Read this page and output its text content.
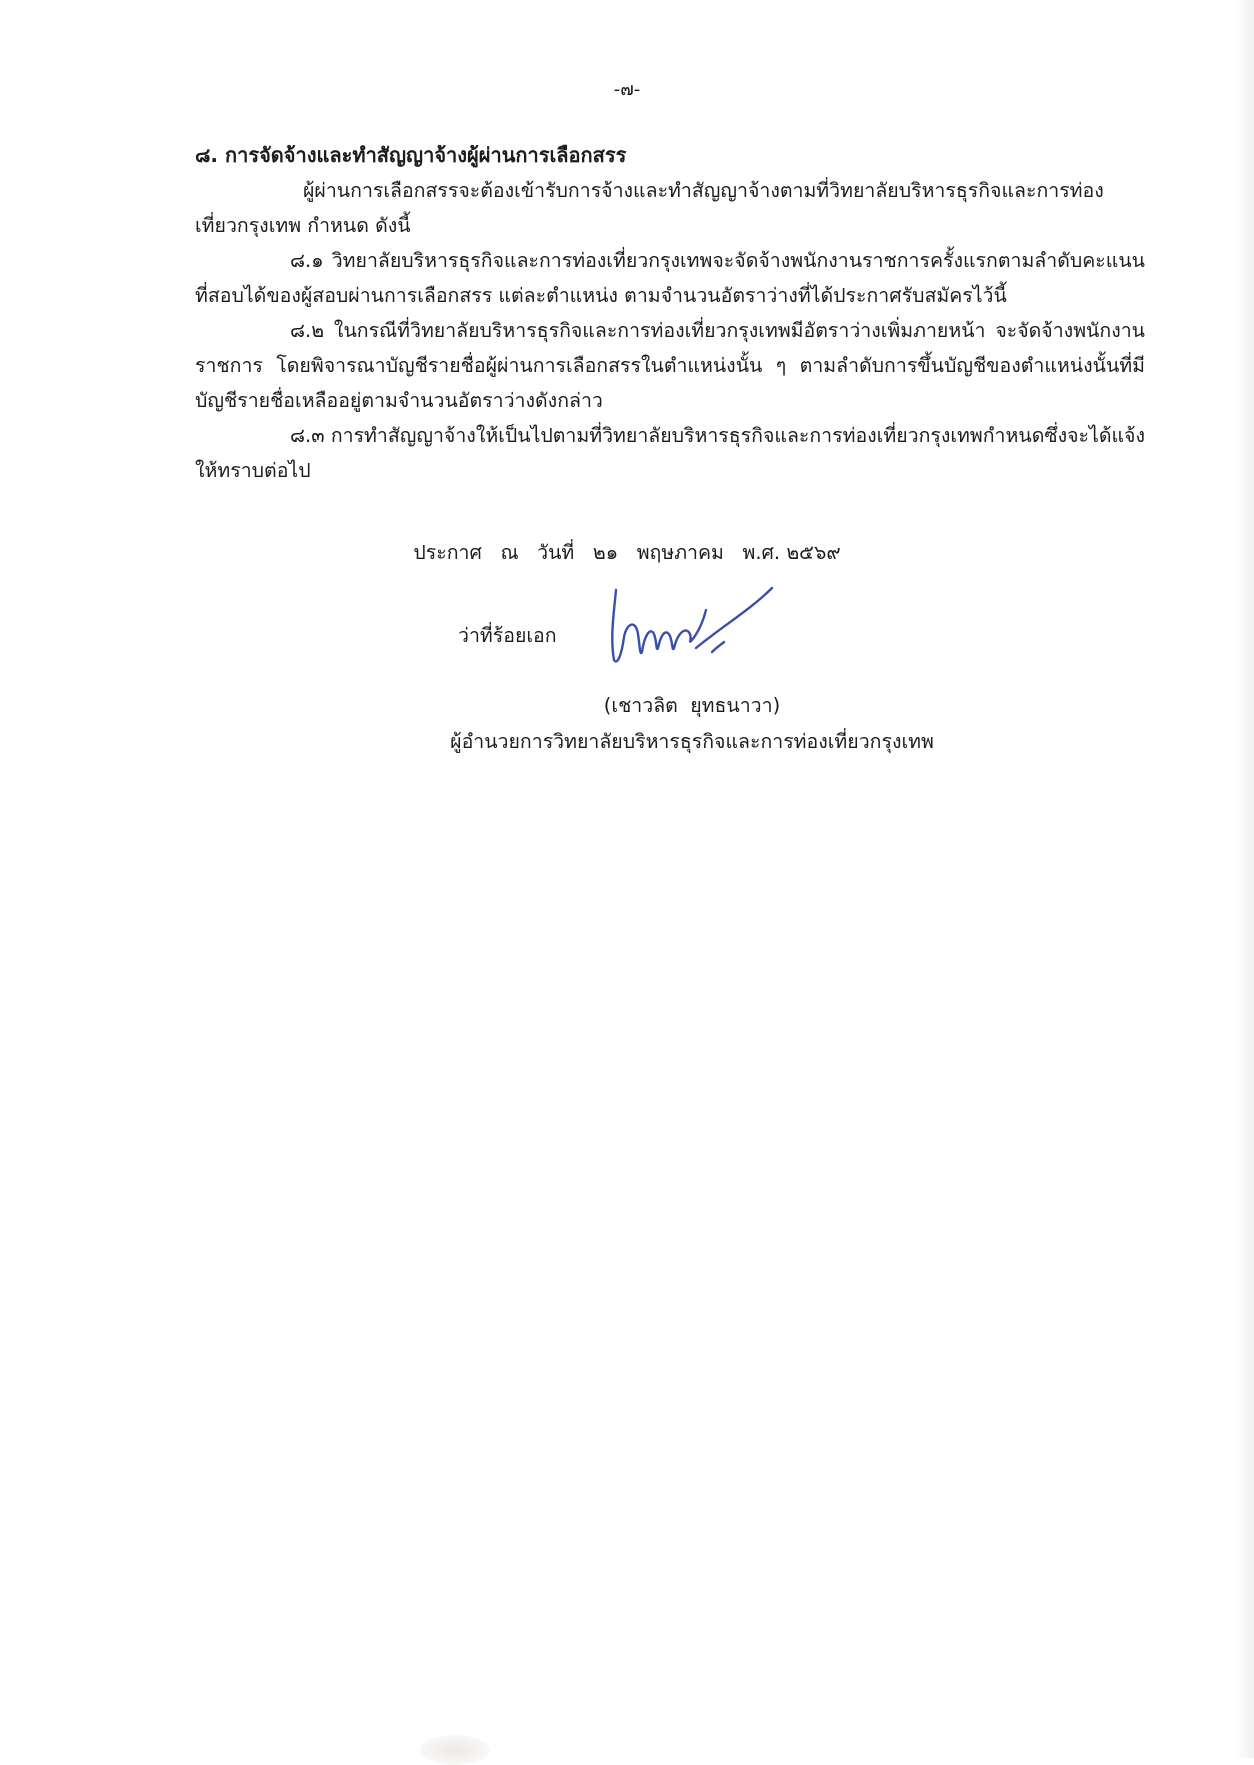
-๗-

๘. การจัดจ้างและทำสัญญาจ้างผู้ผ่านการเลือกสรร

ผู้ผ่านการเลือกสรรจะต้องเข้ารับการจ้างและทำสัญญาจ้างตามที่วิทยาลัยบริหารธุรกิจและการท่องเที่ยวกรุงเทพ กำหนด ดังนี้

๘.๑ วิทยาลัยบริหารธุรกิจและการท่องเที่ยวกรุงเทพจะจัดจ้างพนักงานราชการครั้งแรกตามลำดับคะแนนที่สอบได้ของผู้สอบผ่านการเลือกสรร แต่ละตำแหน่ง ตามจำนวนอัตราว่างที่ได้ประกาศรับสมัครไว้นี้

๘.๒ ในกรณีที่วิทยาลัยบริหารธุรกิจและการท่องเที่ยวกรุงเทพมีอัตราว่างเพิ่มภายหน้า จะจัดจ้างพนักงานราชการ โดยพิจารณาบัญชีรายชื่อผู้ผ่านการเลือกสรรในตำแหน่งนั้น ๆ ตามลำดับการขึ้นบัญชีของตำแหน่งนั้นที่มีบัญชีรายชื่อเหลืออยู่ตามจำนวนอัตราว่างดังกล่าว

๘.๓ การทำสัญญาจ้างให้เป็นไปตามที่วิทยาลัยบริหารธุรกิจและการท่องเที่ยวกรุงเทพกำหนดซึ่งจะได้แจ้งให้ทราบต่อไป

ประกาศ   ณ   วันที่   ๒๑   พฤษภาคม   พ.ศ. ๒๕๖๙
ว่าที่ร้อยเอก
(เชาวลิต  ยุทธนาวา)
ผู้อำนวยการวิทยาลัยบริหารธุรกิจและการท่องเที่ยวกรุงเทพ
